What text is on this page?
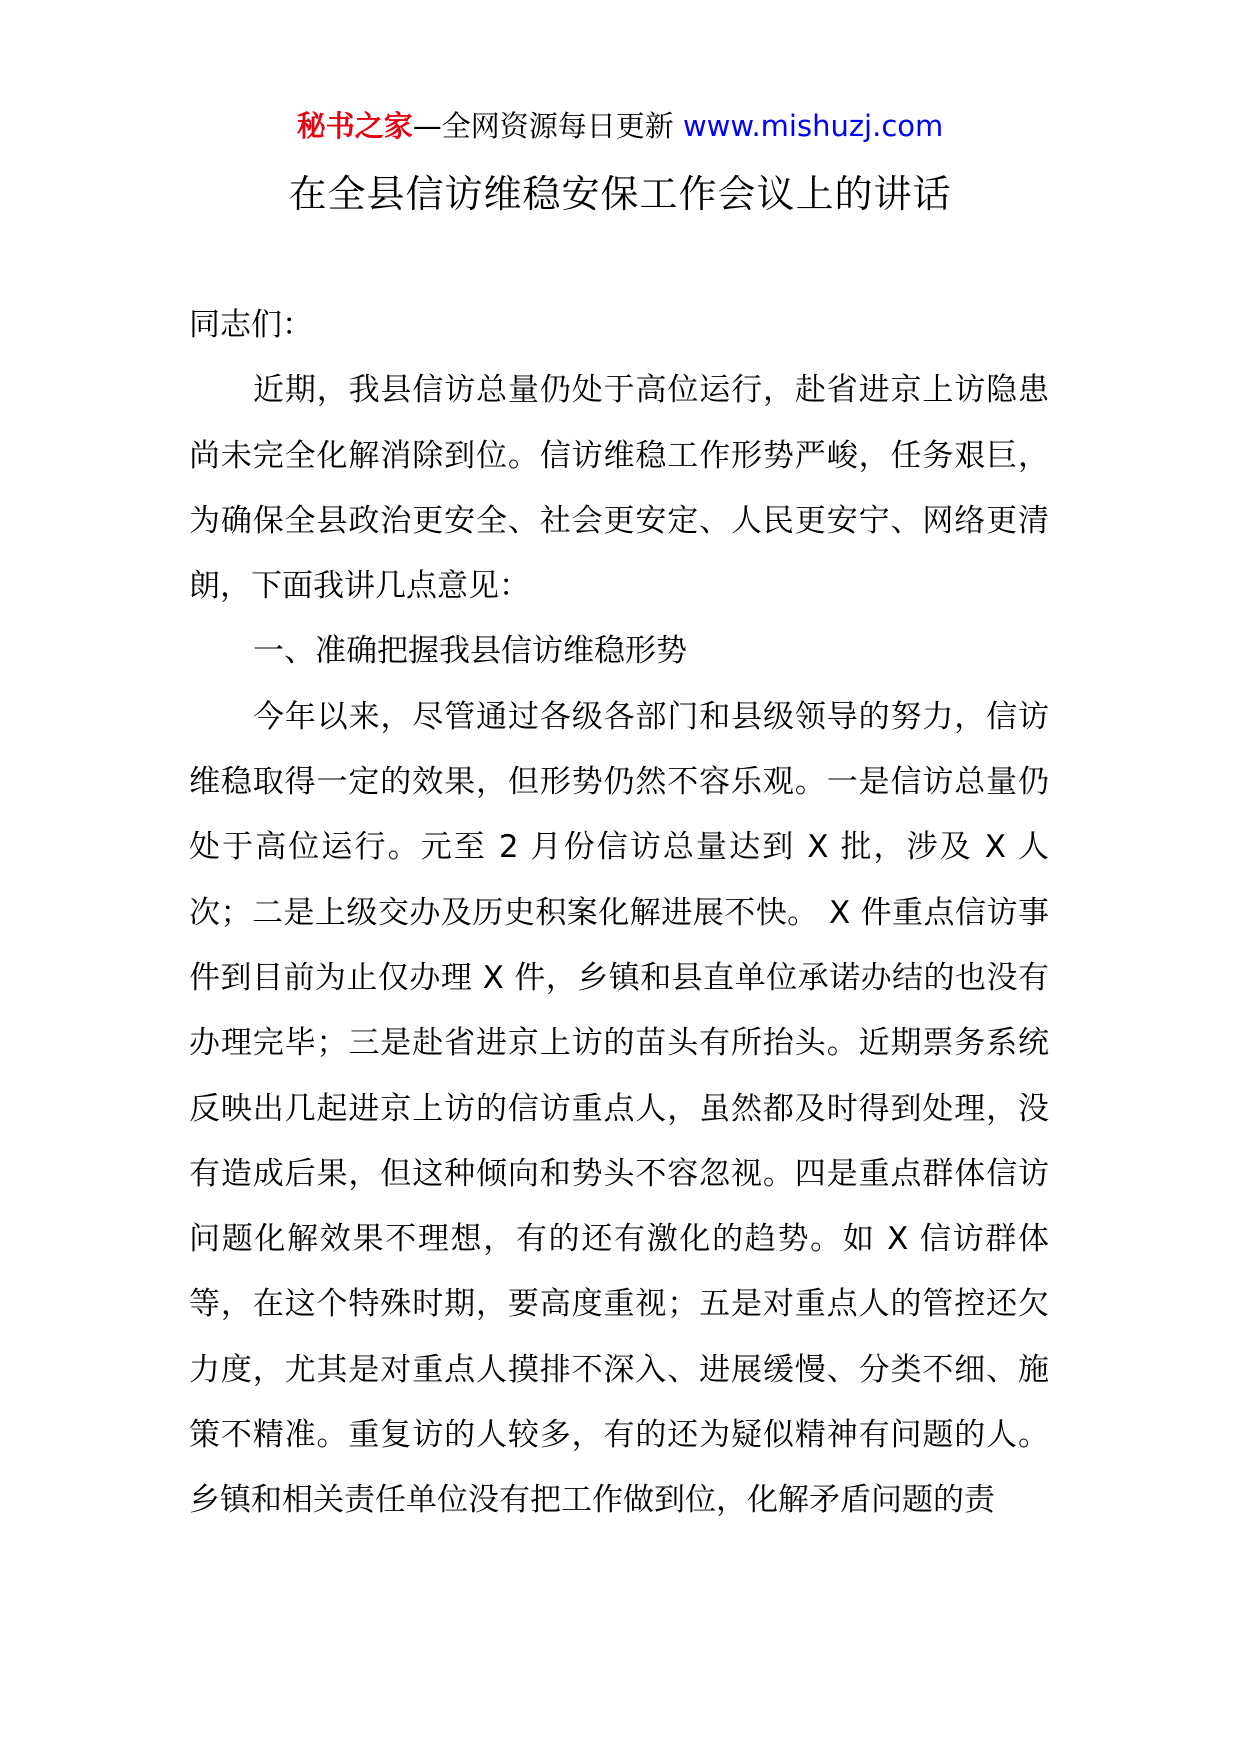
秘书之家—全网资源每日更新 www.mishuzj.com
在全县信访维稳安保工作会议上的讲话

同志们：

近期，我县信访总量仍处于高位运行，赴省进京上访隐患尚未完全化解消除到位。信访维稳工作形势严峻，任务艰巨，为确保全县政治更安全、社会更安定、人民更安宁、网络更清朗，下面我讲几点意见：

一、准确把握我县信访维稳形势

今年以来，尽管通过各级各部门和县级领导的努力，信访维稳取得一定的效果，但形势仍然不容乐观。一是信访总量仍处于高位运行。元至 2 月份信访总量达到 X 批，涉及 X 人次；二是上级交办及历史积案化解进展不快。 X 件重点信访事件到目前为止仅办理 X 件，乡镇和县直单位承诺办结的也没有办理完毕；三是赴省进京上访的苗头有所抬头。近期票务系统反映出几起进京上访的信访重点人，虽然都及时得到处理，没有造成后果，但这种倾向和势头不容忽视。四是重点群体信访问题化解效果不理想，有的还有激化的趋势。如 X 信访群体等，在这个特殊时期，要高度重视；五是对重点人的管控还欠力度，尤其是对重点人摸排不深入、进展缓慢、分类不细、施策不精准。重复访的人较多，有的还为疑似精神有问题的人。乡镇和相关责任单位没有把工作做到位，化解矛盾问题的责
